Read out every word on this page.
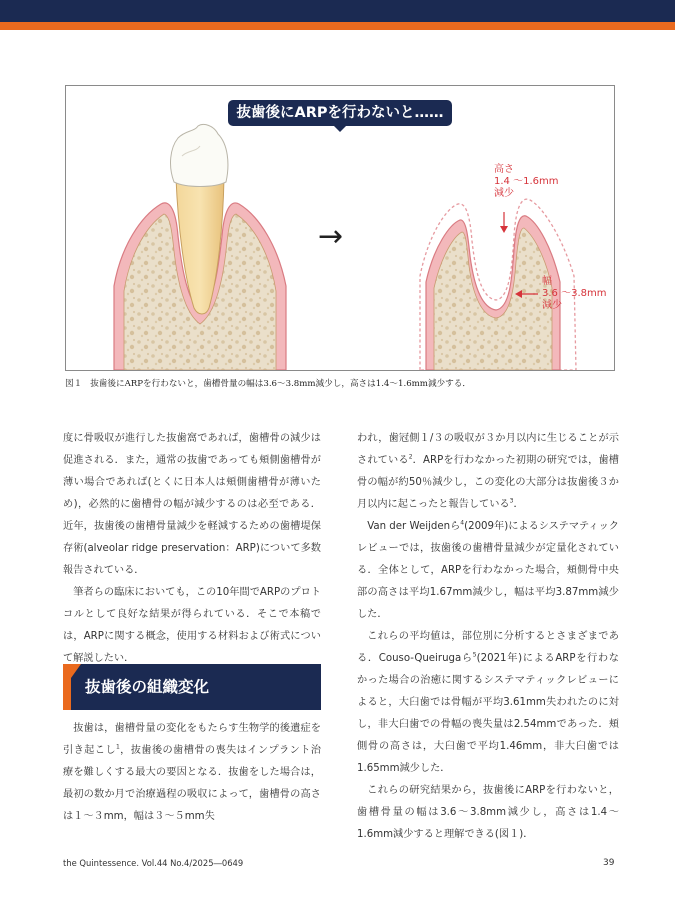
抜歯後にARPを行わないと……
→
高さ
1.4 〜1.6mm
減少
幅
3.6 〜3.8mm
減少
図１ 抜歯後にARPを行わないと，歯槽骨量の幅は3.6〜3.8mm減少し，高さは1.4〜1.6mm減少する．

度に骨吸収が進行した抜歯窩であれば，歯槽骨の減少は促進される．また，通常の抜歯であっても頬側歯槽骨が薄い場合であれば(とくに日本人は頬側歯槽骨が薄いため)，必然的に歯槽骨の幅が減少するのは必至である．近年，抜歯後の歯槽骨量減少を軽減するための歯槽堤保存術(alveolar ridge preservation：ARP)について多数報告されている．

筆者らの臨床においても，この10年間でARPのプロトコルとして良好な結果が得られている．そこで本稿では，ARPに関する概念，使用する材料および術式について解説したい．

抜歯後の組織変化

抜歯は，歯槽骨量の変化をもたらす生物学的後遺症を引き起こし$^1$，抜歯後の歯槽骨の喪失はインプラント治療を難しくする最大の要因となる．抜歯をした場合は，最初の数か月で治療過程の吸収によって，歯槽骨の高さは１〜３mm，幅は３〜５mm失

われ，歯冠側１/３の吸収が３か月以内に生じることが示されている$^2$．ARPを行わなかった初期の研究では，歯槽骨の幅が約50％減少し，この変化の大部分は抜歯後３か月以内に起こったと報告している$^3$．

Van der Weijdenら$^4$(2009年)によるシステマティックレビューでは，抜歯後の歯槽骨量減少が定量化されている．全体として，ARPを行わなかった場合，頬側骨中央部の高さは平均1.67mm減少し，幅は平均3.87mm減少した．

これらの平均値は，部位別に分析するとさまざまである．Couso-Queirugaら$^5$(2021年)によるARPを行わなかった場合の治癒に関するシステマティックレビューによると，大臼歯では骨幅が平均3.61mm失われたのに対し，非大臼歯での骨幅の喪失量は2.54mmであった．頬側骨の高さは，大臼歯で平均1.46mm，非大臼歯では1.65mm減少した．

これらの研究結果から，抜歯後にARPを行わないと，歯槽骨量の幅は3.6〜3.8mm減少し，高さは1.4〜1.6mm減少すると理解できる(図１)．

the Quintessence. Vol.44 No.4/2025―0649	39
